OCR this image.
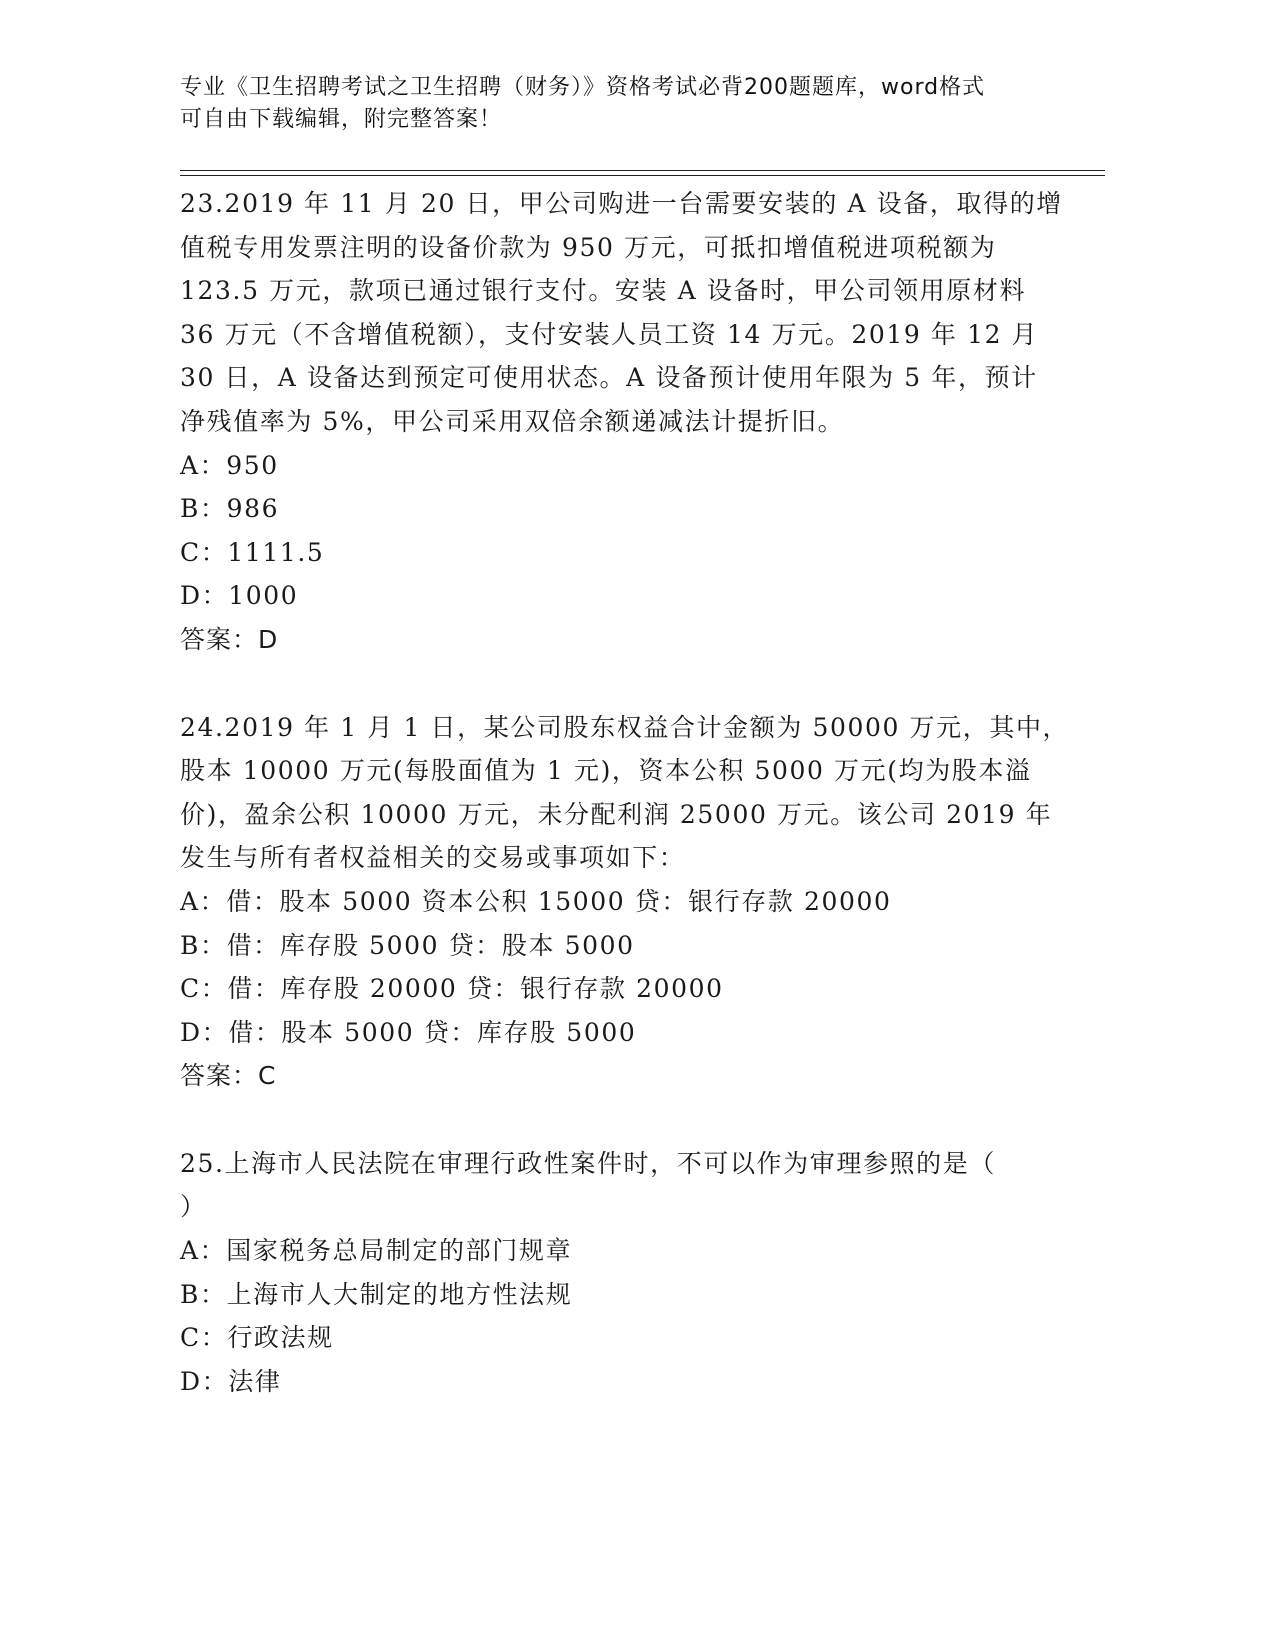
专业《卫生招聘考试之卫生招聘（财务）》资格考试必背200题题库，word格式
可自由下载编辑，附完整答案！
23.2019 年 11 月 20 日，甲公司购进一台需要安装的 A 设备，取得的增
值税专用发票注明的设备价款为 950 万元，可抵扣增值税进项税额为
123.5 万元，款项已通过银行支付。安装 A 设备时，甲公司领用原材料
36 万元（不含增值税额），支付安装人员工资 14 万元。2019 年 12 月
30 日，A 设备达到预定可使用状态。A 设备预计使用年限为 5 年，预计
净残值率为 5%，甲公司采用双倍余额递减法计提折旧。
A：950
B：986
C：1111.5
D：1000
答案：D
24.2019 年 1 月 1 日，某公司股东权益合计金额为 50000 万元，其中，
股本 10000 万元(每股面值为 1 元)，资本公积 5000 万元(均为股本溢
价)，盈余公积 10000 万元，未分配利润 25000 万元。该公司 2019 年
发生与所有者权益相关的交易或事项如下：
A：借：股本 5000 资本公积 15000 贷：银行存款 20000
B：借：库存股 5000 贷：股本 5000
C：借：库存股 20000 贷：银行存款 20000
D：借：股本 5000 贷：库存股 5000
答案：C
25.上海市人民法院在审理行政性案件时，不可以作为审理参照的是（
）
A：国家税务总局制定的部门规章
B：上海市人大制定的地方性法规
C：行政法规
D：法律
